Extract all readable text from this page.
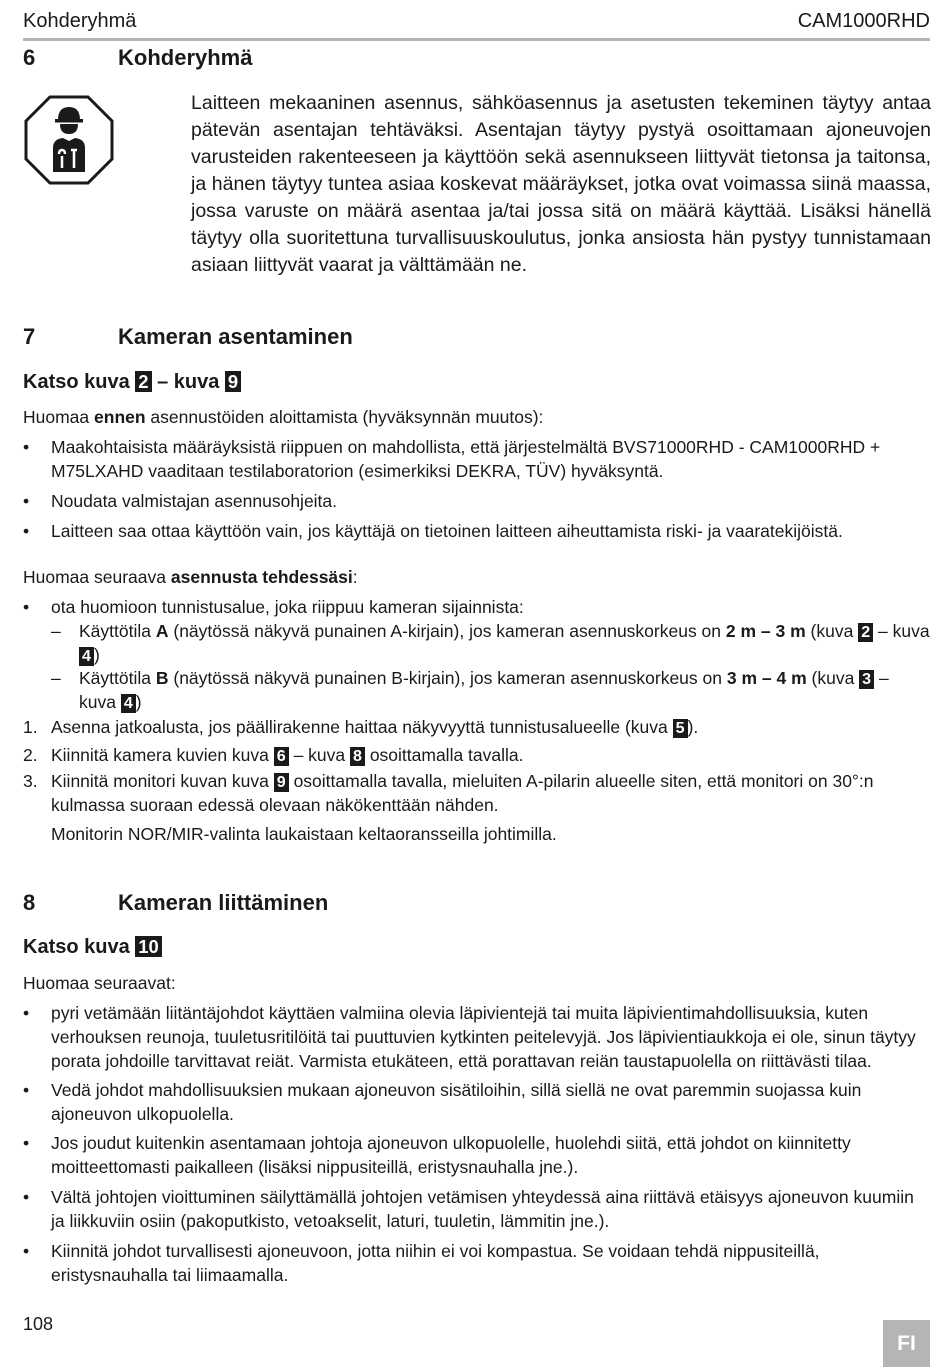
Kohderyhmä	CAM1000RHD
6	Kohderyhmä
Laitteen mekaaninen asennus, sähköasennus ja asetusten tekeminen täytyy antaa pätevän asentajan tehtäväksi. Asentajan täytyy pystyä osoittamaan ajoneuvojen varusteiden rakenteeseen ja käyttöön sekä asennukseen liittyvät tietonsa ja taitonsa, ja hänen täytyy tuntea asiaa koskevat määräykset, jotka ovat voimassa siinä maassa, jossa varuste on määrä asentaa ja/tai jossa sitä on määrä käyttää. Lisäksi hänellä täytyy olla suoritettuna turvallisuuskoulutus, jonka ansiosta hän pystyy tunnistamaan asiaan liittyvät vaarat ja välttämään ne.
7	Kameran asentaminen
Katso kuva 2 – kuva 9
Huomaa ennen asennustöiden aloittamista (hyväksynnän muutos):
• Maakohtaisista määräyksistä riippuen on mahdollista, että järjestelmältä BVS71000RHD - CAM1000RHD + M75LXAHD vaaditaan testilaboratorion (esimerkiksi DEKRA, TÜV) hyväksyntä.
• Noudata valmistajan asennusohjeita.
• Laitteen saa ottaa käyttöön vain, jos käyttäjä on tietoinen laitteen aiheuttamista riski- ja vaaratekijöistä.
Huomaa seuraava asennusta tehdessäsi:
• ota huomioon tunnistusalue, joka riippuu kameran sijainnista:
– Käyttötila A (näytössä näkyvä punainen A-kirjain), jos kameran asennuskorkeus on 2 m – 3 m (kuva 2 – kuva 4 )
– Käyttötila B (näytössä näkyvä punainen B-kirjain), jos kameran asennuskorkeus on 3 m – 4 m (kuva 3 – kuva 4 )
1. Asenna jatkoalusta, jos päällirakenne haittaa näkyvyyttä tunnistusalueelle (kuva 5 ).
2. Kiinnitä kamera kuvien kuva 6 – kuva 8 osoittamalla tavalla.
3. Kiinnitä monitori kuvan kuva 9 osoittamalla tavalla, mieluiten A-pilarin alueelle siten, että monitori on 30°:n kulmassa suoraan edessä olevaan näkökenttään nähden.
Monitorin NOR/MIR-valinta laukaistaan keltaoransseilla johtimilla.
8	Kameran liittäminen
Katso kuva 10
Huomaa seuraavat:
• pyri vetämään liitäntäjohdot käyttäen valmiina olevia läpivientejä tai muita läpivientimahdollisuuksia, kuten verhouksen reunoja, tuuletusritilöitä tai puuttuvien kytkinten peitelevyjä. Jos läpivientiaukkoja ei ole, sinun täytyy porata johdoille tarvittavat reiät. Varmista etukäteen, että porattavan reiän taustapuolella on riittävästi tilaa.
• Vedä johdot mahdollisuuksien mukaan ajoneuvon sisätiloihin, sillä siellä ne ovat paremmin suojassa kuin ajoneuvon ulkopuolella.
• Jos joudut kuitenkin asentamaan johtoja ajoneuvon ulkopuolelle, huolehdi siitä, että johdot on kiinnitetty moitteettomasti paikalleen (lisäksi nippusiteillä, eristysnauhalla jne.).
• Vältä johtojen vioittuminen säilyttämällä johtojen vetämisen yhteydessä aina riittävä etäisyys ajoneuvon kuumiin ja liikkuviin osiin (pakoputkisto, vetoakselit, laturi, tuuletin, lämmitin jne.).
• Kiinnitä johdot turvallisesti ajoneuvoon, jotta niihin ei voi kompastua. Se voidaan tehdä nippusiteillä, eristysnauhalla tai liimaamalla.
108
FI
